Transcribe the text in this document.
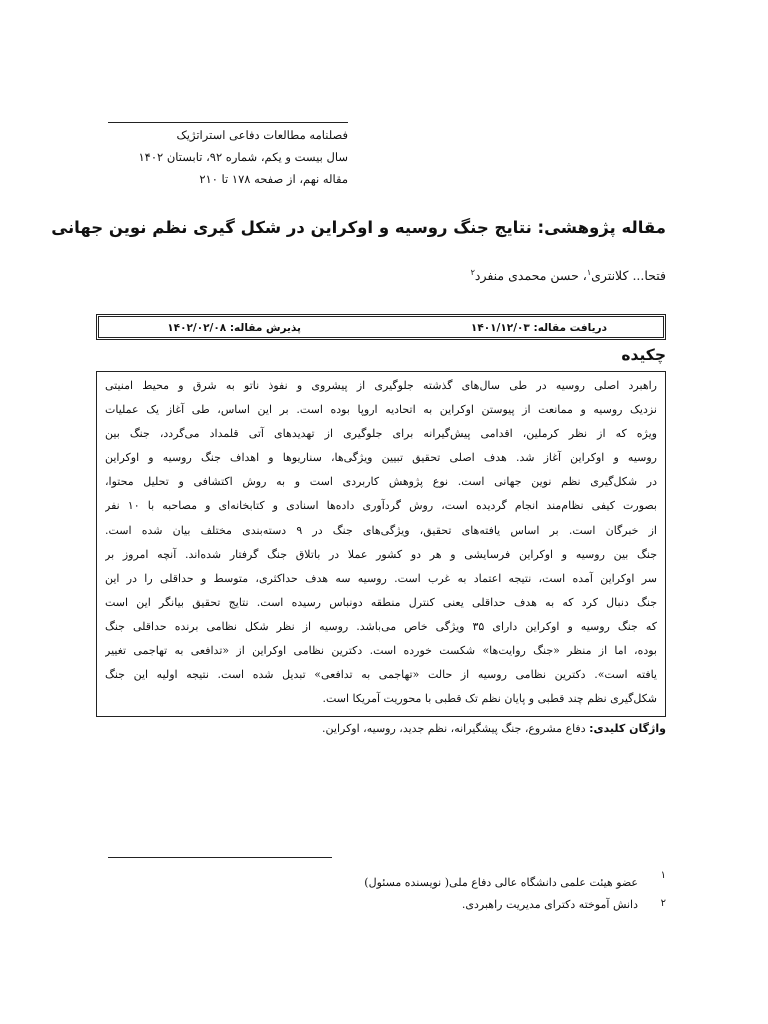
فصلنامه مطالعات دفاعی استراتژیک
سال بیست و یکم، شماره ۹۲، تابستان ۱۴۰۲
مقاله نهم، از صفحه ۱۷۸ تا ۲۱۰
مقاله پژوهشی: نتایج جنگ روسیه و اوکراین در شکل گیری نظم نوین جهانی
فتحا... کلانتری$^۱$، حسن محمدی منفرد$^۲$
دریافت مقاله: ۱۴۰۱/۱۲/۰۳
پذیرش مقاله: ۱۴۰۲/۰۲/۰۸
چکیده
راهبرد اصلی روسیه در طی سال‌های گذشته جلوگیری از پیشروی و نفوذ ناتو به شرق و محیط امنیتی
نزدیک روسیه و ممانعت از پیوستن اوکراین به اتحادیه اروپا بوده است. بر این اساس، طی آغاز یک عملیات
ویژه که از نظر کرملین، اقدامی پیش‌گیرانه برای جلوگیری از تهدیدهای آتی قلمداد می‌گردد، جنگ بین
روسیه و اوکراین آغاز شد. هدف اصلی تحقیق تبیین ویژگی‌ها، سناریوها و اهداف جنگ روسیه و اوکراین
در شکل‌گیری نظم نوین جهانی است. نوع پژوهش کاربردی است و به روش اکتشافی و تحلیل محتوا،
بصورت کیفی نظام‌مند انجام گردیده است، روش گردآوری داده‌ها اسنادی و کتابخانه‌ای و مصاحبه با ۱۰ نفر
از خبرگان است. بر اساس یافته‌های تحقیق، ویژگی‌های جنگ در ۹ دسته‌بندی مختلف بیان شده است.
جنگ بین روسیه و اوکراین فرسایشی و هر دو کشور عملا در باتلاق جنگ گرفتار شده‌اند. آنچه امروز بر
سر اوکراین آمده است، نتیجه اعتماد به غرب است. روسیه سه هدف حداکثری، متوسط و حداقلی را در این
جنگ دنبال کرد که به هدف حداقلی یعنی کنترل منطقه دونباس رسیده است. نتایج تحقیق بیانگر این است
که جنگ روسیه و اوکراین دارای ۳۵ ویژگی خاص می‌باشد. روسیه از نظر شکل نظامی برنده حداقلی جنگ
بوده، اما از منظر «جنگ روایت‌ها» شکست خورده است. دکترین نظامی اوکراین از «تدافعی به تهاجمی تغییر
یافته است». دکترین نظامی روسیه از حالت «تهاجمی به تدافعی» تبدیل شده است. نتیجه اولیه این جنگ
شکل‌گیری نظم چند قطبی و پایان نظم تک قطبی با محوریت آمریکا است.
واژگان کلیدی: دفاع مشروع، جنگ پیشگیرانه، نظم جدید، روسیه، اوکراین.
۱
عضو هیئت علمی دانشگاه عالی دفاع ملی( نویسنده مسئول)
۲
دانش آموخته دکترای مدیریت راهبردی.
